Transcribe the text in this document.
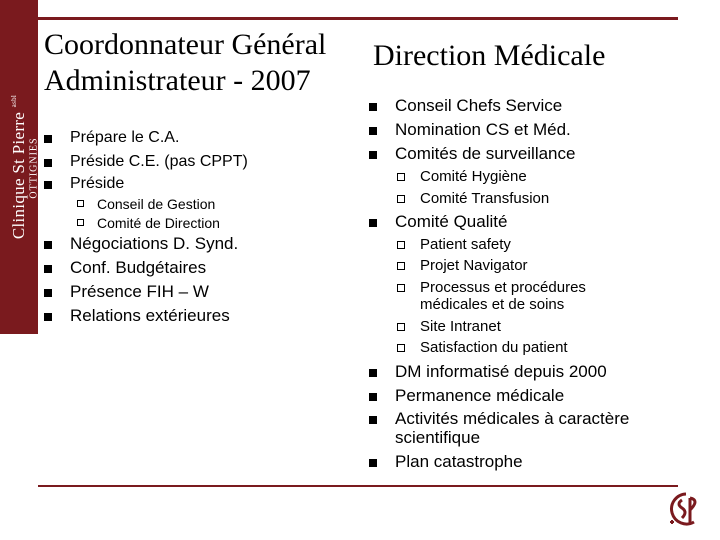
Clinique St Pierre $^{asbl}$
OTTIGNIES
Coordonnateur Général
Administrateur - 2007
Direction Médicale
Prépare le C.A.
Préside C.E. (pas CPPT)
Préside
Conseil de Gestion
Comité de Direction
Négociations D. Synd.
Conf. Budgétaires
Présence FIH – W
Relations extérieures
Conseil Chefs Service
Nomination CS et Méd.
Comités de surveillance
Comité Hygiène
Comité Transfusion
Comité Qualité
Patient safety
Projet Navigator
Processus et procédures médicales et de soins
Site Intranet
Satisfaction du patient
DM informatisé depuis 2000
Permanence médicale
Activités médicales à caractère scientifique
Plan catastrophe
